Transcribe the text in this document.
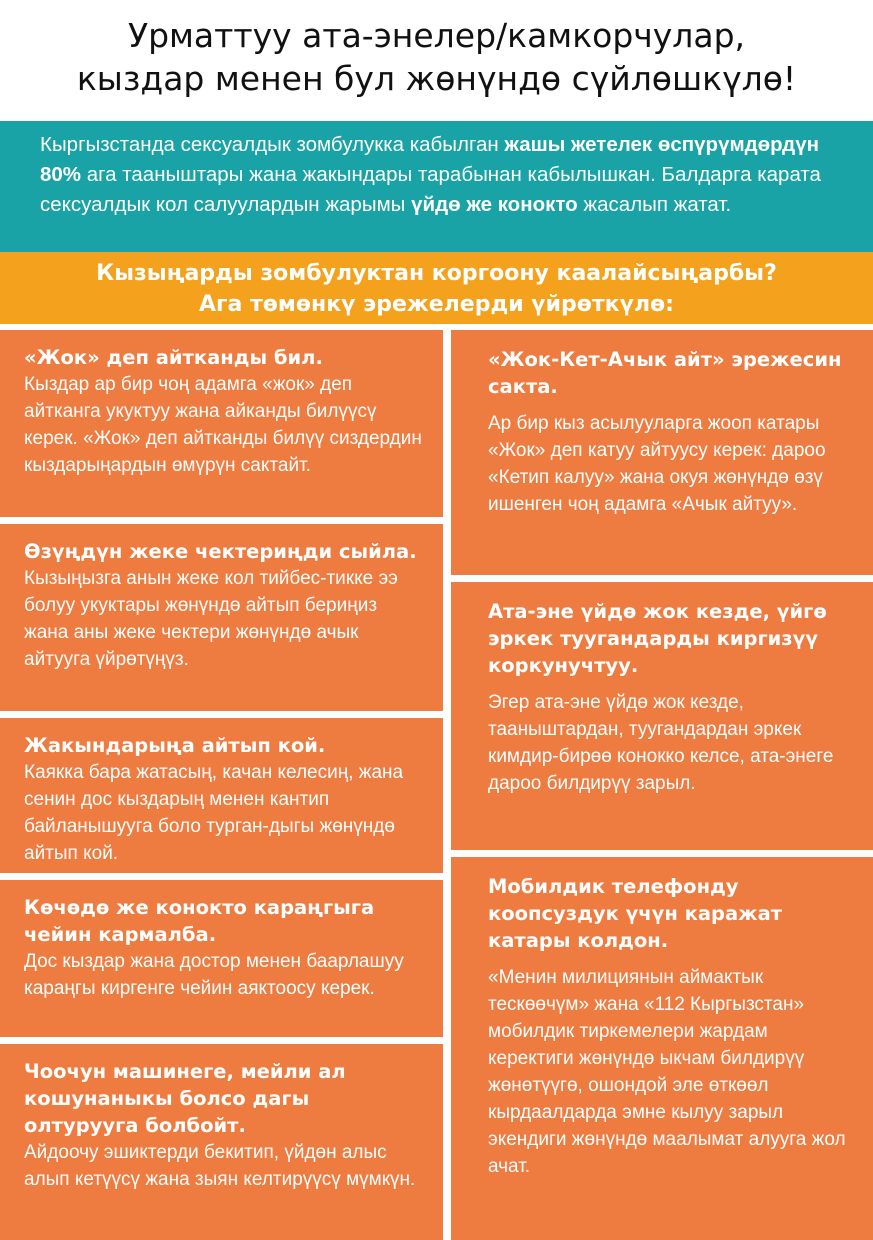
Урматтуу ата-энелер/камкорчулар,
кыздар менен бул жөнүндө сүйлөшкүлө!
Кыргызстанда сексуалдык зомбулукка кабылган жашы жетелек өспүрүмдөрдүн 80% ага тааныштары жана жакындары тарабынан кабылышкан. Балдарга карата сексуалдык кол салуулардын жарымы үйдө же конокто жасалып жатат.
Кызыңарды зомбулуктан коргоону каалайсыңарбы?
Ага төмөнкү эрежелерди үйрөткүлө:
«Жок» деп айтканды бил.

Кыздар ар бир чоң адамга «жок» деп айтканга укуктуу жана айканды билүүсү керек. «Жок» деп айтканды билүү сиздердин кыздарыңардын өмүрүн сактайт.

Өзүңдүн жеке чектериңди сыйла.

Кызыңызга анын жеке кол тийбес-тикке ээ болуу укуктары жөнүндө айтып бериңиз жана аны жеке чектери жөнүндө ачык айтууга үйрөтүңүз.

Жакындарыңа айтып кой.

Каякка бара жатасың, качан келесиң, жана сенин дос кыздарың менен кантип байланышууга боло турган-дыгы жөнүндө айтып кой.

Көчөдө же конокто караңгыга чейин кармалба.

Дос кыздар жана достор менен баарлашуу караңгы киргенге чейин аяктоосу керек.

Чоочун машинеге, мейли ал кошунаныкы болсо дагы олтурууга болбойт.

Айдоочу эшиктерди бекитип, үйдөн алыс алып кетүүсү жана зыян келтирүүсү мүмкүн.

«Жок-Кет-Ачык айт» эрежесин сакта.

Ар бир кыз асылууларга жооп катары «Жок» деп катуу айтуусу керек: дароо «Кетип калуу» жана окуя жөнүндө өзү ишенген чоң адамга «Ачык айтуу».

Ата-эне үйдө жок кезде, үйгө эркек туугандарды киргизүү коркунучтуу.

Эгер ата-эне үйдө жок кезде, тааныштардан, туугандардан эркек кимдир-бирөө конокко келсе, ата-энеге дароо билдирүү зарыл.

Мобилдик телефонду коопсуздук үчүн каражат катары колдон.

«Менин милициянын аймактык тескөөчүм» жана «112 Кыргызстан» мобилдик тиркемелери жардам керектиги жөнүндө ыкчам билдирүү жөнөтүүгө, ошондой эле өткөөл кырдаалдарда эмне кылуу зарыл экендиги жөнүндө маалымат алууга жол ачат.
